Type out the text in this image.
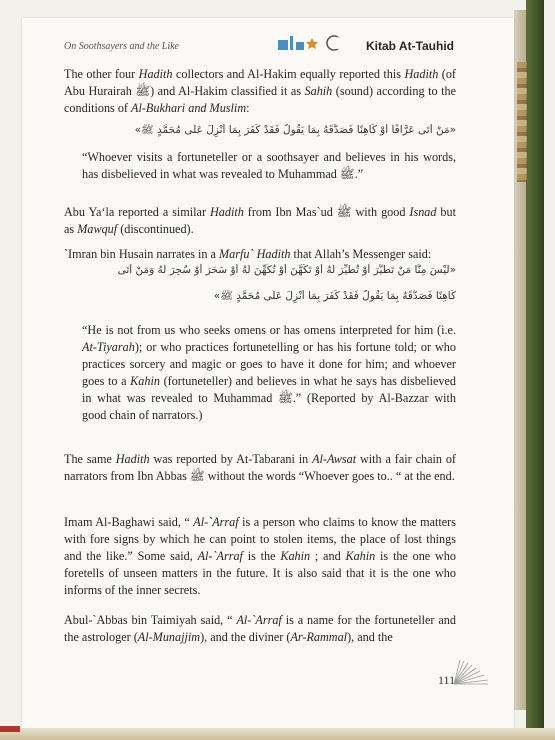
On Soothsayers and the Like	Kitab At-Tauhid

The other four Hadith collectors and Al-Hakim equally reported this Hadith (of Abu Hurairah ﷺ) and Al-Hakim classified it as Sahih (sound) according to the conditions of Al-Bukhari and Muslim:

«مَنْ أَتَى عَرَّافًا أَوْ كَاهِنًا فَصَدَّقَهُ بِمَا يَقُولُ فَقَدْ كَفَرَ بِمَا أُنْزِلَ عَلَى مُحَمَّدٍ ﷺ»

“Whoever visits a fortuneteller or a soothsayer and believes in his words, has disbelieved in what was revealed to Muhammad ﷺ.”

Abu Ya‘la reported a similar Hadith from Ibn Mas`ud ﷺ with good Isnad but as Mawquf (discontinued).

`Imran bin Husain narrates in a Marfu` Hadith that Allah’s Messenger said:

«لَيْسَ مِنَّا مَنْ تَطَيَّرَ أَوْ تُطُيِّرَ لَهُ أَوْ تَكَهَّنَ أَوْ تُكُهِّنَ لَهُ أَوْ سَحَرَ أَوْ سُحِرَ لَهُ وَمَنْ أَتَى
كَاهِنًا فَصَدَّقَهُ بِمَا يَقُولُ فَقَدْ كَفَرَ بِمَا أُنْزِلَ عَلَى مُحَمَّدٍ ﷺ»

“He is not from us who seeks omens or has omens interpreted for him (i.e. At-Tiyarah); or who practices fortunetelling or has his fortune told; or who practices sorcery and magic or goes to have it done for him; and whoever goes to a Kahin (fortuneteller) and believes in what he says has disbelieved in what was revealed to Muhammad ﷺ.” (Reported by Al-Bazzar with good chain of narrators.)

The same Hadith was reported by At-Tabarani in Al-Awsat with a fair chain of narrators from Ibn Abbas ﷺ without the words “Whoever goes to.. “ at the end.

Imam Al-Baghawi said, “ Al-`Arraf is a person who claims to know the matters with fore signs by which he can point to stolen items, the place of lost things and the like.” Some said, Al-`Arraf is the Kahin ; and Kahin is the one who foretells of unseen matters in the future. It is also said that it is the one who informs of the inner secrets.

Abul-`Abbas bin Taimiyah said, “ Al-`Arraf is a name for the fortuneteller and the astrologer (Al-Munajjim), and the diviner (Ar-Rammal), and the

111
